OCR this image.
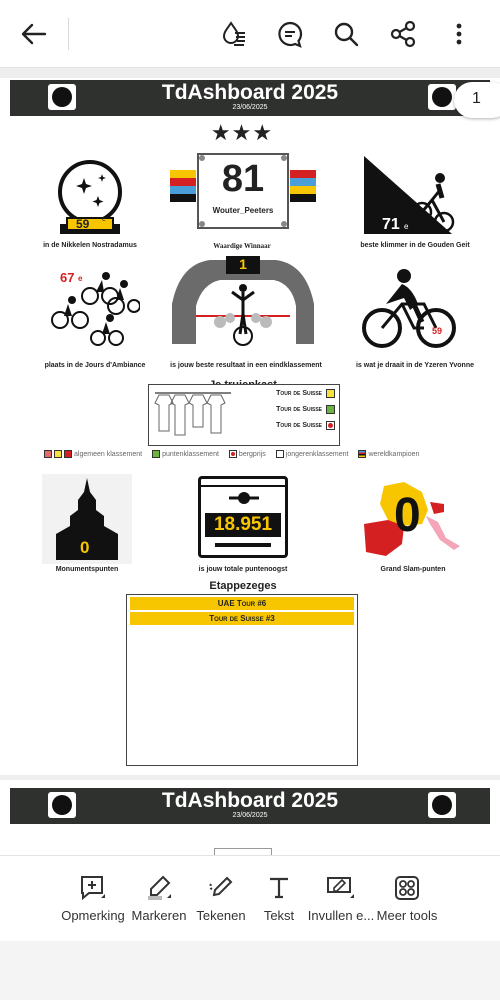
TdAshboard 2025
23/06/2025
★★★
59 e
in de Nikkelen Nostradamus
81
Wouter_Peeters
Waardige Winnaar
71 e
beste klimmer in de Gouden Geit
67 e
plaats in de Jours d'Ambiance
1
is jouw beste resultaat in een eindklassement
59
is wat je draait in de Yzeren Yvonne
Tour de Suisse
Tour de Suisse
Tour de Suisse
algemeen klassement	puntenklassement	bergprijs	jongerenklassement	wereldkampioen
0
Monumentspunten
18.951
is jouw totale puntenoogst
0
Grand Slam-punten
Etappezeges
UAE Tour #6
Tour de Suisse #3
1
TdAshboard 2025
23/06/2025
Opmerking Markeren Tekenen	Tekst	Invullen e... Meer tools
